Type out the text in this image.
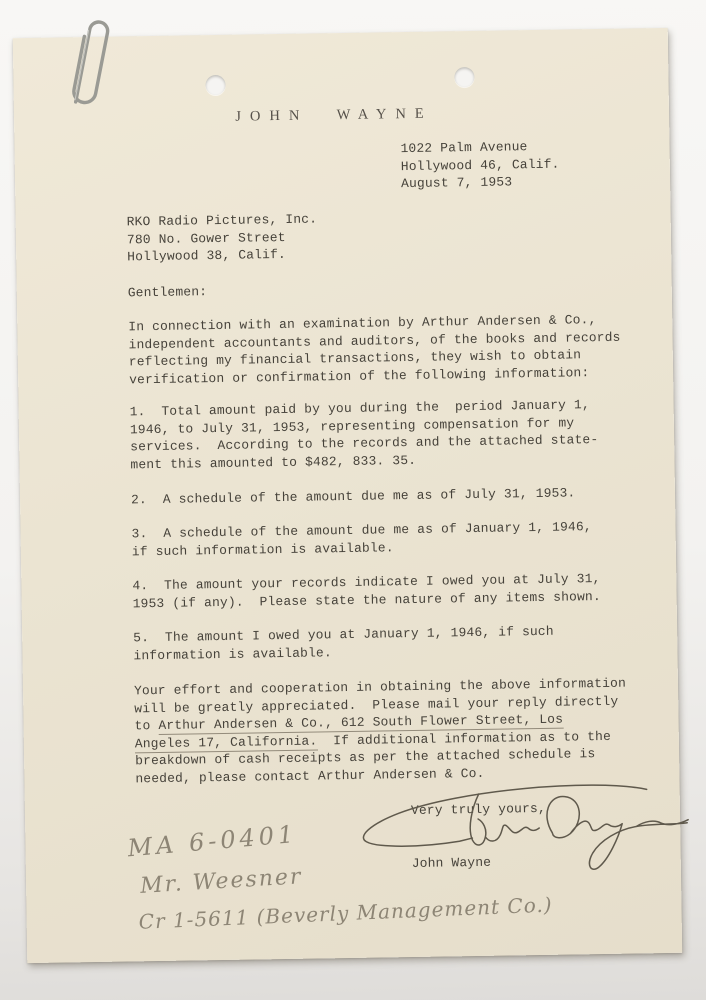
JOHN WAYNE
1022 Palm Avenue
Hollywood 46, Calif.
August 7, 1953
RKO Radio Pictures, Inc.
780 No. Gower Street
Hollywood 38, Calif.
Gentlemen:
In connection with an examination by Arthur Andersen & Co.,
independent accountants and auditors, of the books and records
reflecting my financial transactions, they wish to obtain
verification or confirmation of the following information:
1.  Total amount paid by you during the  period January 1,
1946, to July 31, 1953, representing compensation for my
services.  According to the records and the attached state-
ment this amounted to $482, 833. 35.
2.  A schedule of the amount due me as of July 31, 1953.
3.  A schedule of the amount due me as of January 1, 1946,
if such information is available.
4.  The amount your records indicate I owed you at July 31,
1953 (if any).  Please state the nature of any items shown.
5.  The amount I owed you at January 1, 1946, if such
information is available.
Your effort and cooperation in obtaining the above information
will be greatly appreciated.  Please mail your reply directly
to Arthur Andersen & Co., 612 South Flower Street, Los
Angeles 17, California.  If additional information as to the
breakdown of cash receipts as per the attached schedule is
needed, please contact Arthur Andersen & Co.
Very truly yours,
John Wayne
MA 6-0401
Mr. Weesner
Cr 1-5611 (Beverly Management Co.)
